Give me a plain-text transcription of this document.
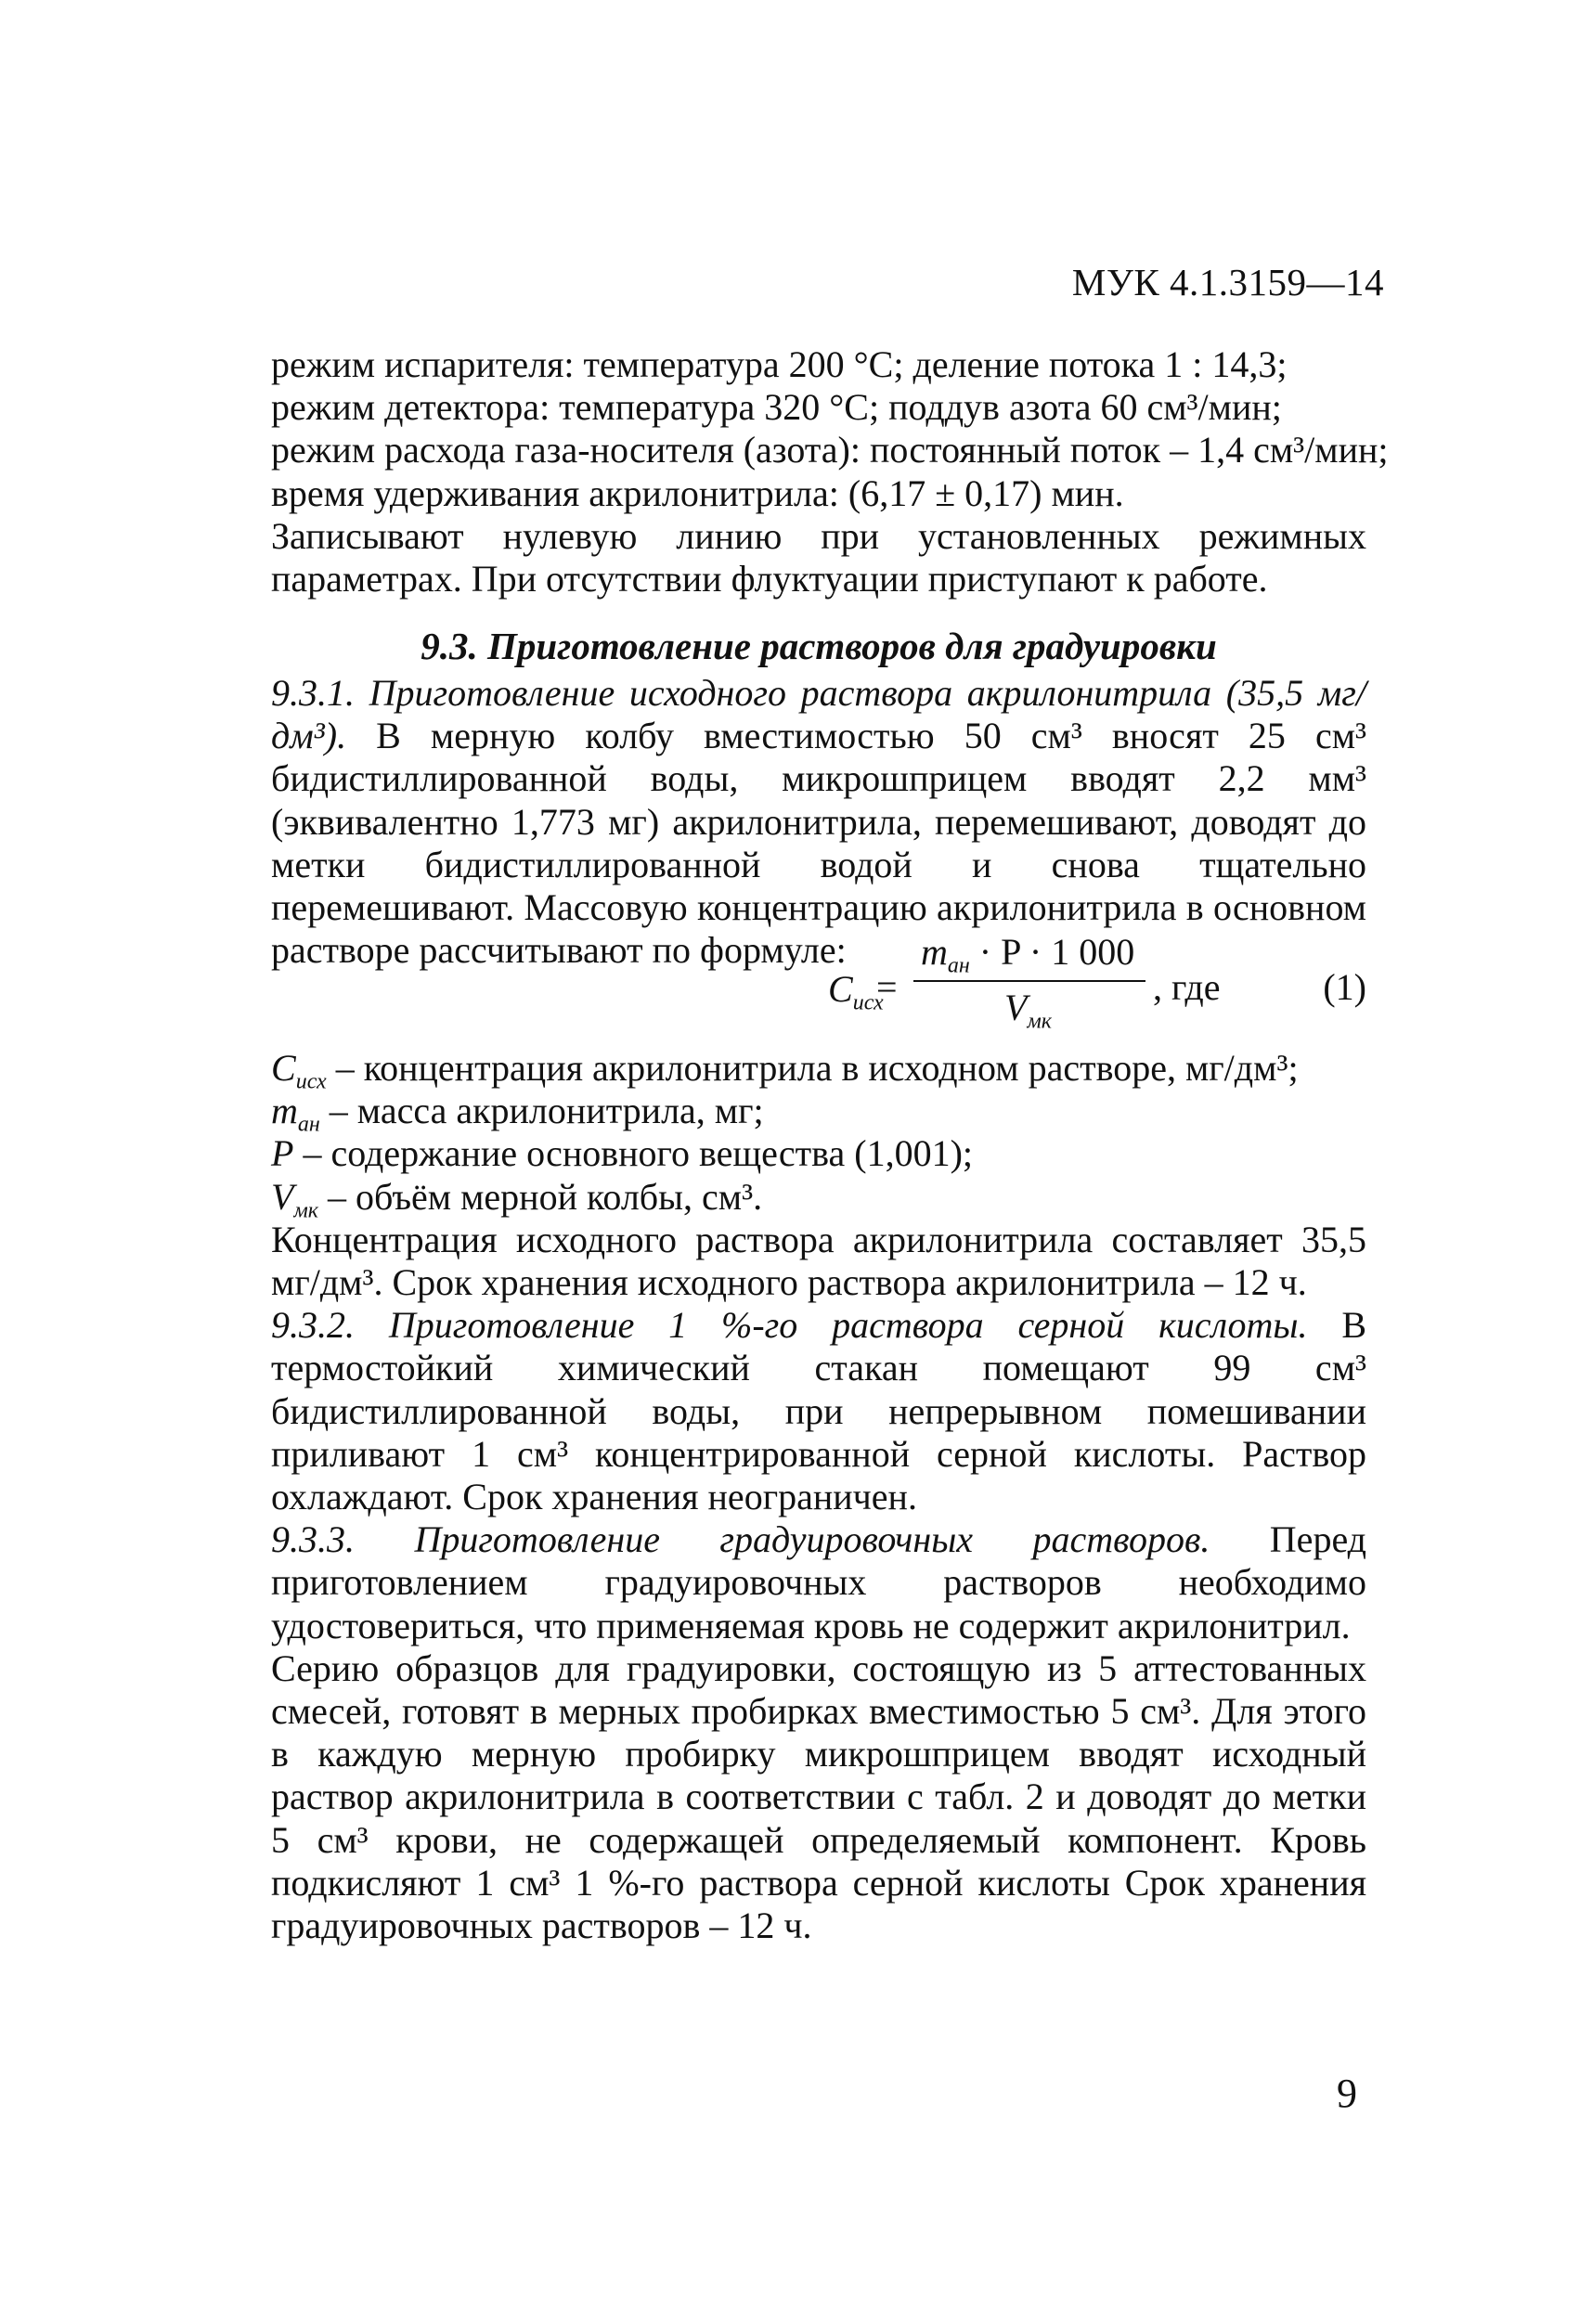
МУК 4.1.3159—14
режим испарителя: температура 200 °С; деление потока 1 : 14,3;
режим детектора: температура 320 °С; поддув азота 60 см³/мин;
режим расхода газа-носителя (азота): постоянный поток – 1,4 см³/мин;
время удерживания акрилонитрила: (6,17 ± 0,17) мин.

Записывают нулевую линию при установленных режимных параметрах. При отсутствии флуктуации приступают к работе.

9.3. Приготовление растворов для градуировки
9.3.1. Приготовление исходного раствора акрилонитрила (35,5 мг/дм³). В мерную колбу вместимостью 50 см³ вносят 25 см³ бидистиллированной воды, микрошприцем вводят 2,2 мм³ (эквивалентно 1,773 мг) акрилонитрила, перемешивают, доводят до метки бидистиллированной водой и снова тщательно перемешивают. Массовую концентрацию акрилонитрила в основном растворе рассчитывают по формуле:
$C_{исх}$
=
$m_{ан} \cdot P \cdot 1$ 000
$V_{мк}$
, где	(1)
$C_{исх}$ – концентрация акрилонитрила в исходном растворе, мг/дм³;
$m_{ан}$ – масса акрилонитрила, мг;
P – содержание основного вещества (1,001);
$V_{мк}$ – объём мерной колбы, см³.

Концентрация исходного раствора акрилонитрила составляет 35,5 мг/дм³. Срок хранения исходного раствора акрилонитрила – 12 ч.

9.3.2. Приготовление 1 %-го раствора серной кислоты. В термостойкий химический стакан помещают 99 см³ бидистиллированной воды, при непрерывном помешивании приливают 1 см³ концентрированной серной кислоты. Раствор охлаждают. Срок хранения неограничен.

9.3.3. Приготовление градуировочных растворов. Перед приготовлением градуировочных растворов необходимо удостовериться, что применяемая кровь не содержит акрилонитрил.

Серию образцов для градуировки, состоящую из 5 аттестованных смесей, готовят в мерных пробирках вместимостью 5 см³. Для этого в каждую мерную пробирку микрошприцем вводят исходный раствор акрилонитрила в соответствии с табл. 2 и доводят до метки 5 см³ крови, не содержащей определяемый компонент. Кровь подкисляют 1 см³ 1 %-го раствора серной кислоты Срок хранения градуировочных растворов – 12 ч.

9
